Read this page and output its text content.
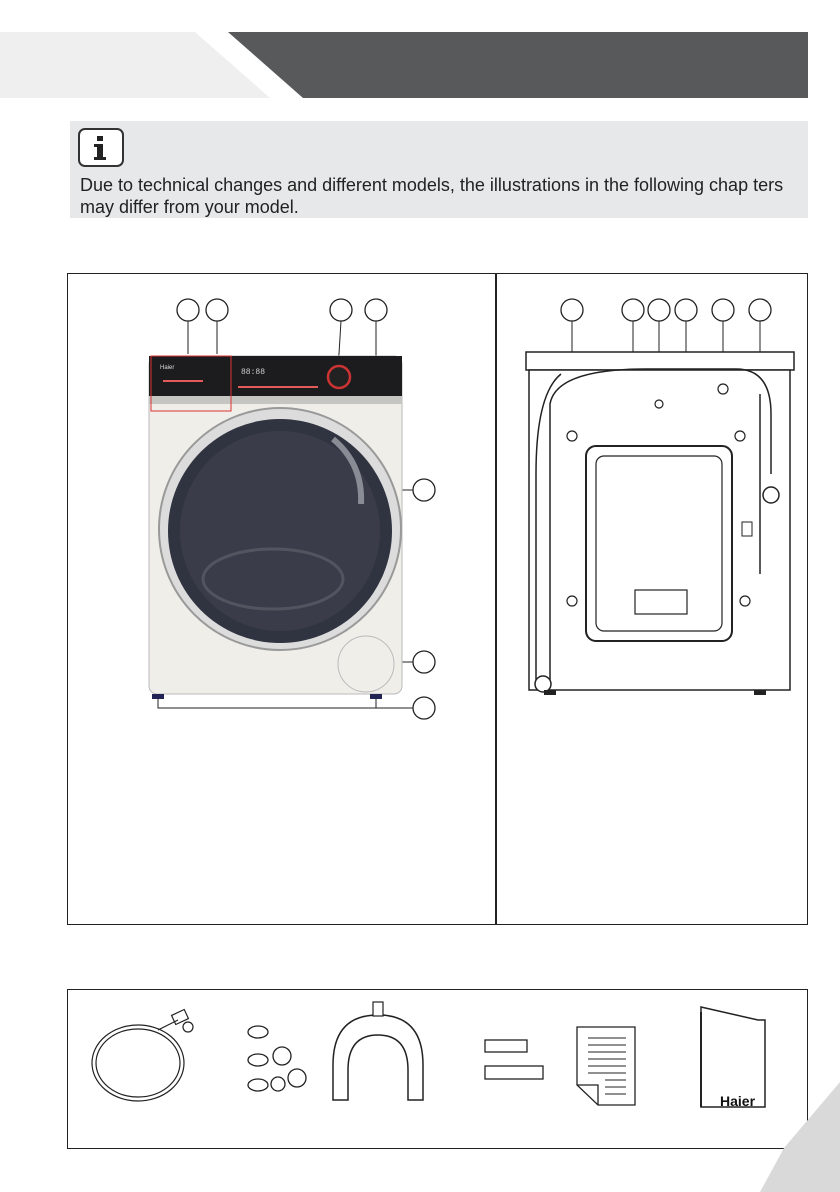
Due to technical changes and different models, the illustrations in the following chap ters may differ from your model.
Haier	88:88
Haier
